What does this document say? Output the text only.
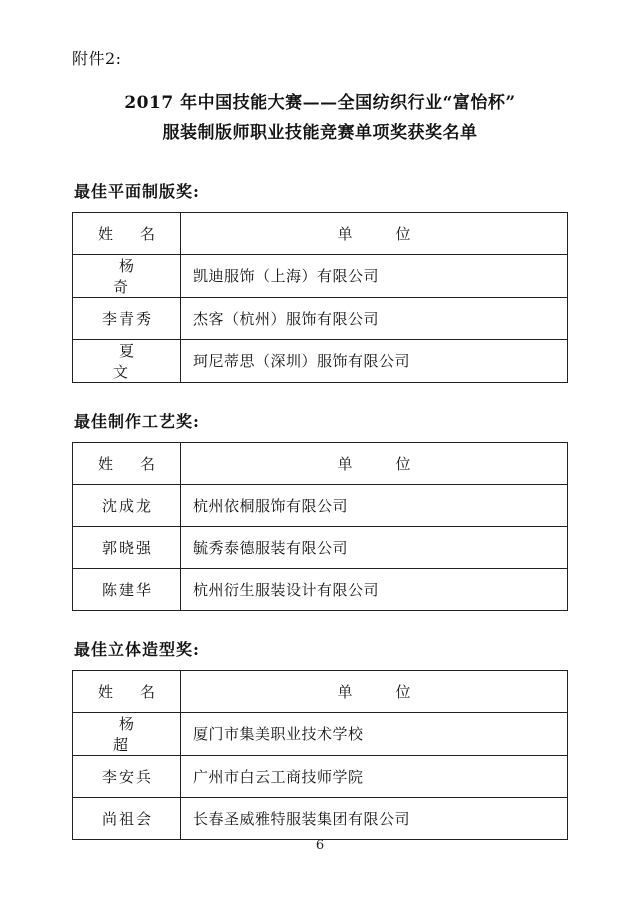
附件2:
2017 年中国技能大赛——全国纺织行业“富怡杯”
服装制版师职业技能竞赛单项奖获奖名单
最佳平面制版奖:
姓　名	单　位
杨　奇	凯迪服饰（上海）有限公司
李青秀	杰客（杭州）服饰有限公司
夏　文	珂尼蒂思（深圳）服饰有限公司
最佳制作工艺奖:
姓　名	单　位
沈成龙	杭州依桐服饰有限公司
郭晓强	毓秀泰德服装有限公司
陈建华	杭州衍生服装设计有限公司
最佳立体造型奖:
姓　名	单　位
杨　超	厦门市集美职业技术学校
李安兵	广州市白云工商技师学院
尚祖会	长春圣威雅特服装集团有限公司
6
